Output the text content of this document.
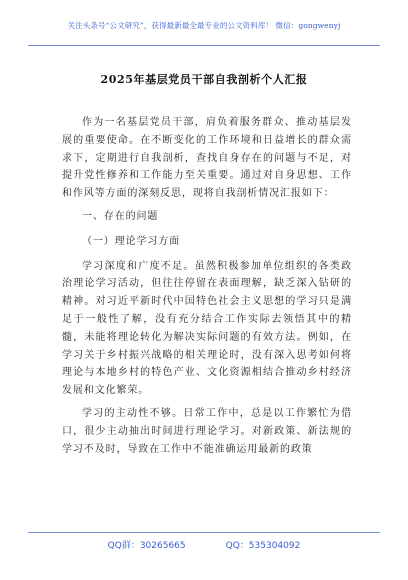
关注头条号“公文研究”，获得最新最全最专业的公文资料库！ 微信：gongwenyj
2025年基层党员干部自我剖析个人汇报

作为一名基层党员干部，肩负着服务群众、推动基层发展的重要使命。在不断变化的工作环境和日益增长的群众需求下，定期进行自我剖析，查找自身存在的问题与不足，对提升党性修养和工作能力至关重要。通过对自身思想、工作和作风等方面的深刻反思，现将自我剖析情况汇报如下：

一、存在的问题

（一）理论学习方面

学习深度和广度不足。虽然积极参加单位组织的各类政治理论学习活动，但往往停留在表面理解，缺乏深入钻研的精神。对习近平新时代中国特色社会主义思想的学习只是满足于一般性了解，没有充分结合工作实际去领悟其中的精髓，未能将理论转化为解决实际问题的有效方法。例如，在学习关于乡村振兴战略的相关理论时，没有深入思考如何将理论与本地乡村的特色产业、文化资源相结合推动乡村经济发展和文化繁荣。

学习的主动性不够。日常工作中，总是以工作繁忙为借口，很少主动抽出时间进行理论学习。对新政策、新法规的学习不及时，导致在工作中不能准确运用最新的政策

QQ群：30265665	QQ：535304092
